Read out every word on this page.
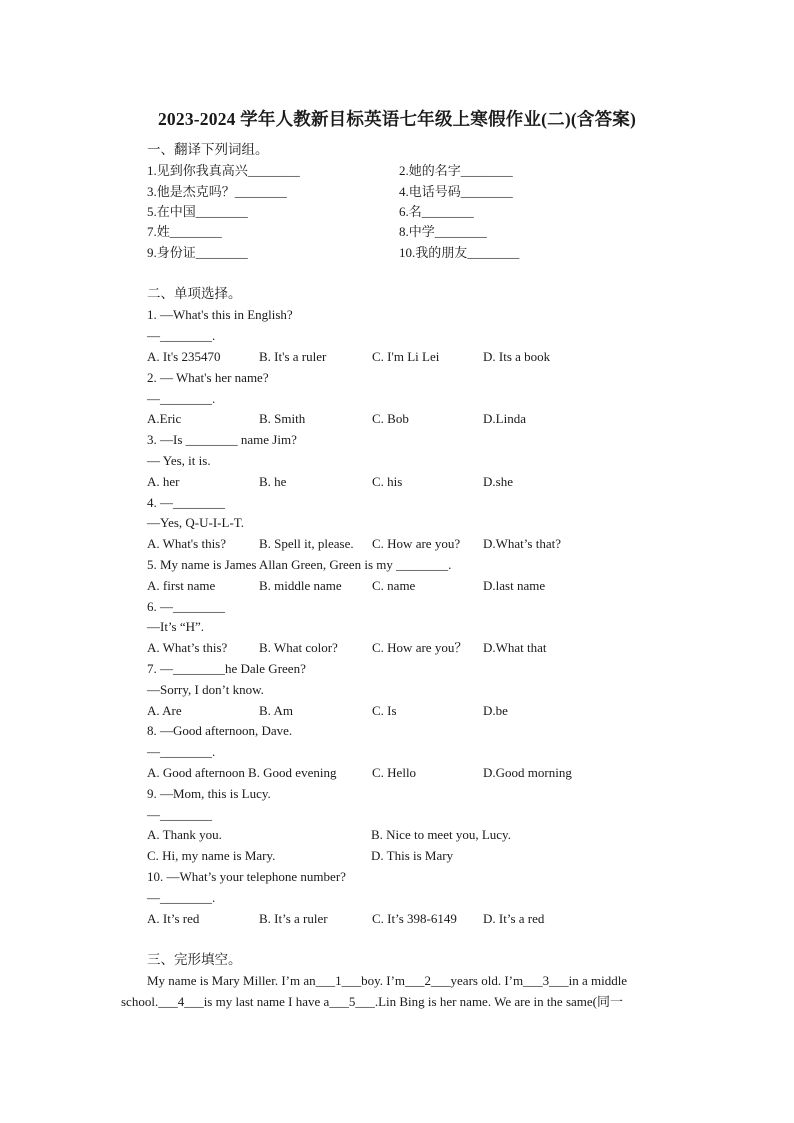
2023-2024 学年人教新目标英语七年级上寒假作业(二)(含答案)
一、翻译下列词组。
1.见到你我真高兴________	2.她的名字________
3.他是杰克吗？________	4.电话号码________
5.在中国________	6.名________
7.姓________	8.中学________
9.身份证________	10.我的朋友________
二、单项选择。
1. —What's this in English?
—________.
A. It's 235470	B. It's a ruler	C. I'm Li Lei	D. Its a book
2. — What's her name?
—________.
A.Eric	B. Smith	C. Bob	D.Linda
3. —Is ________ name Jim?
— Yes, it is.
A. her	B. he	C. his	D.she
4. —________
—Yes, Q-U-I-L-T.
A. What's this?	B. Spell it, please. C. How are you? D.What’s that?
5. My name is James Allan Green, Green is my ________.
A. first name	B. middle name C. name	D.last name
6. —________
—It’s “H”.
A. What’s this? B. What color?	C. How are you？ D.What that
7. —________he Dale Green?
—Sorry, I don’t know.
A. Are	B. Am	C. Is	D.be
8. —Good afternoon, Dave.
—________.
A. Good afternoon B. Good evening	C. Hello	D.Good morning
9. —Mom, this is Lucy.
—________
A. Thank you.	B. Nice to meet you, Lucy.
C. Hi, my name is Mary.	D. This is Mary
10. —What’s your telephone number?
—________.
A. It’s red	B. It’s a ruler	C. It’s 398-6149 D. It’s a red
三、完形填空。
My name is Mary Miller. I’m an___1___boy. I’m___2___years old. I’m___3___in a middle
school.___4___is my last name I have a___5___.Lin Bing is her name. We are in the same(同一
